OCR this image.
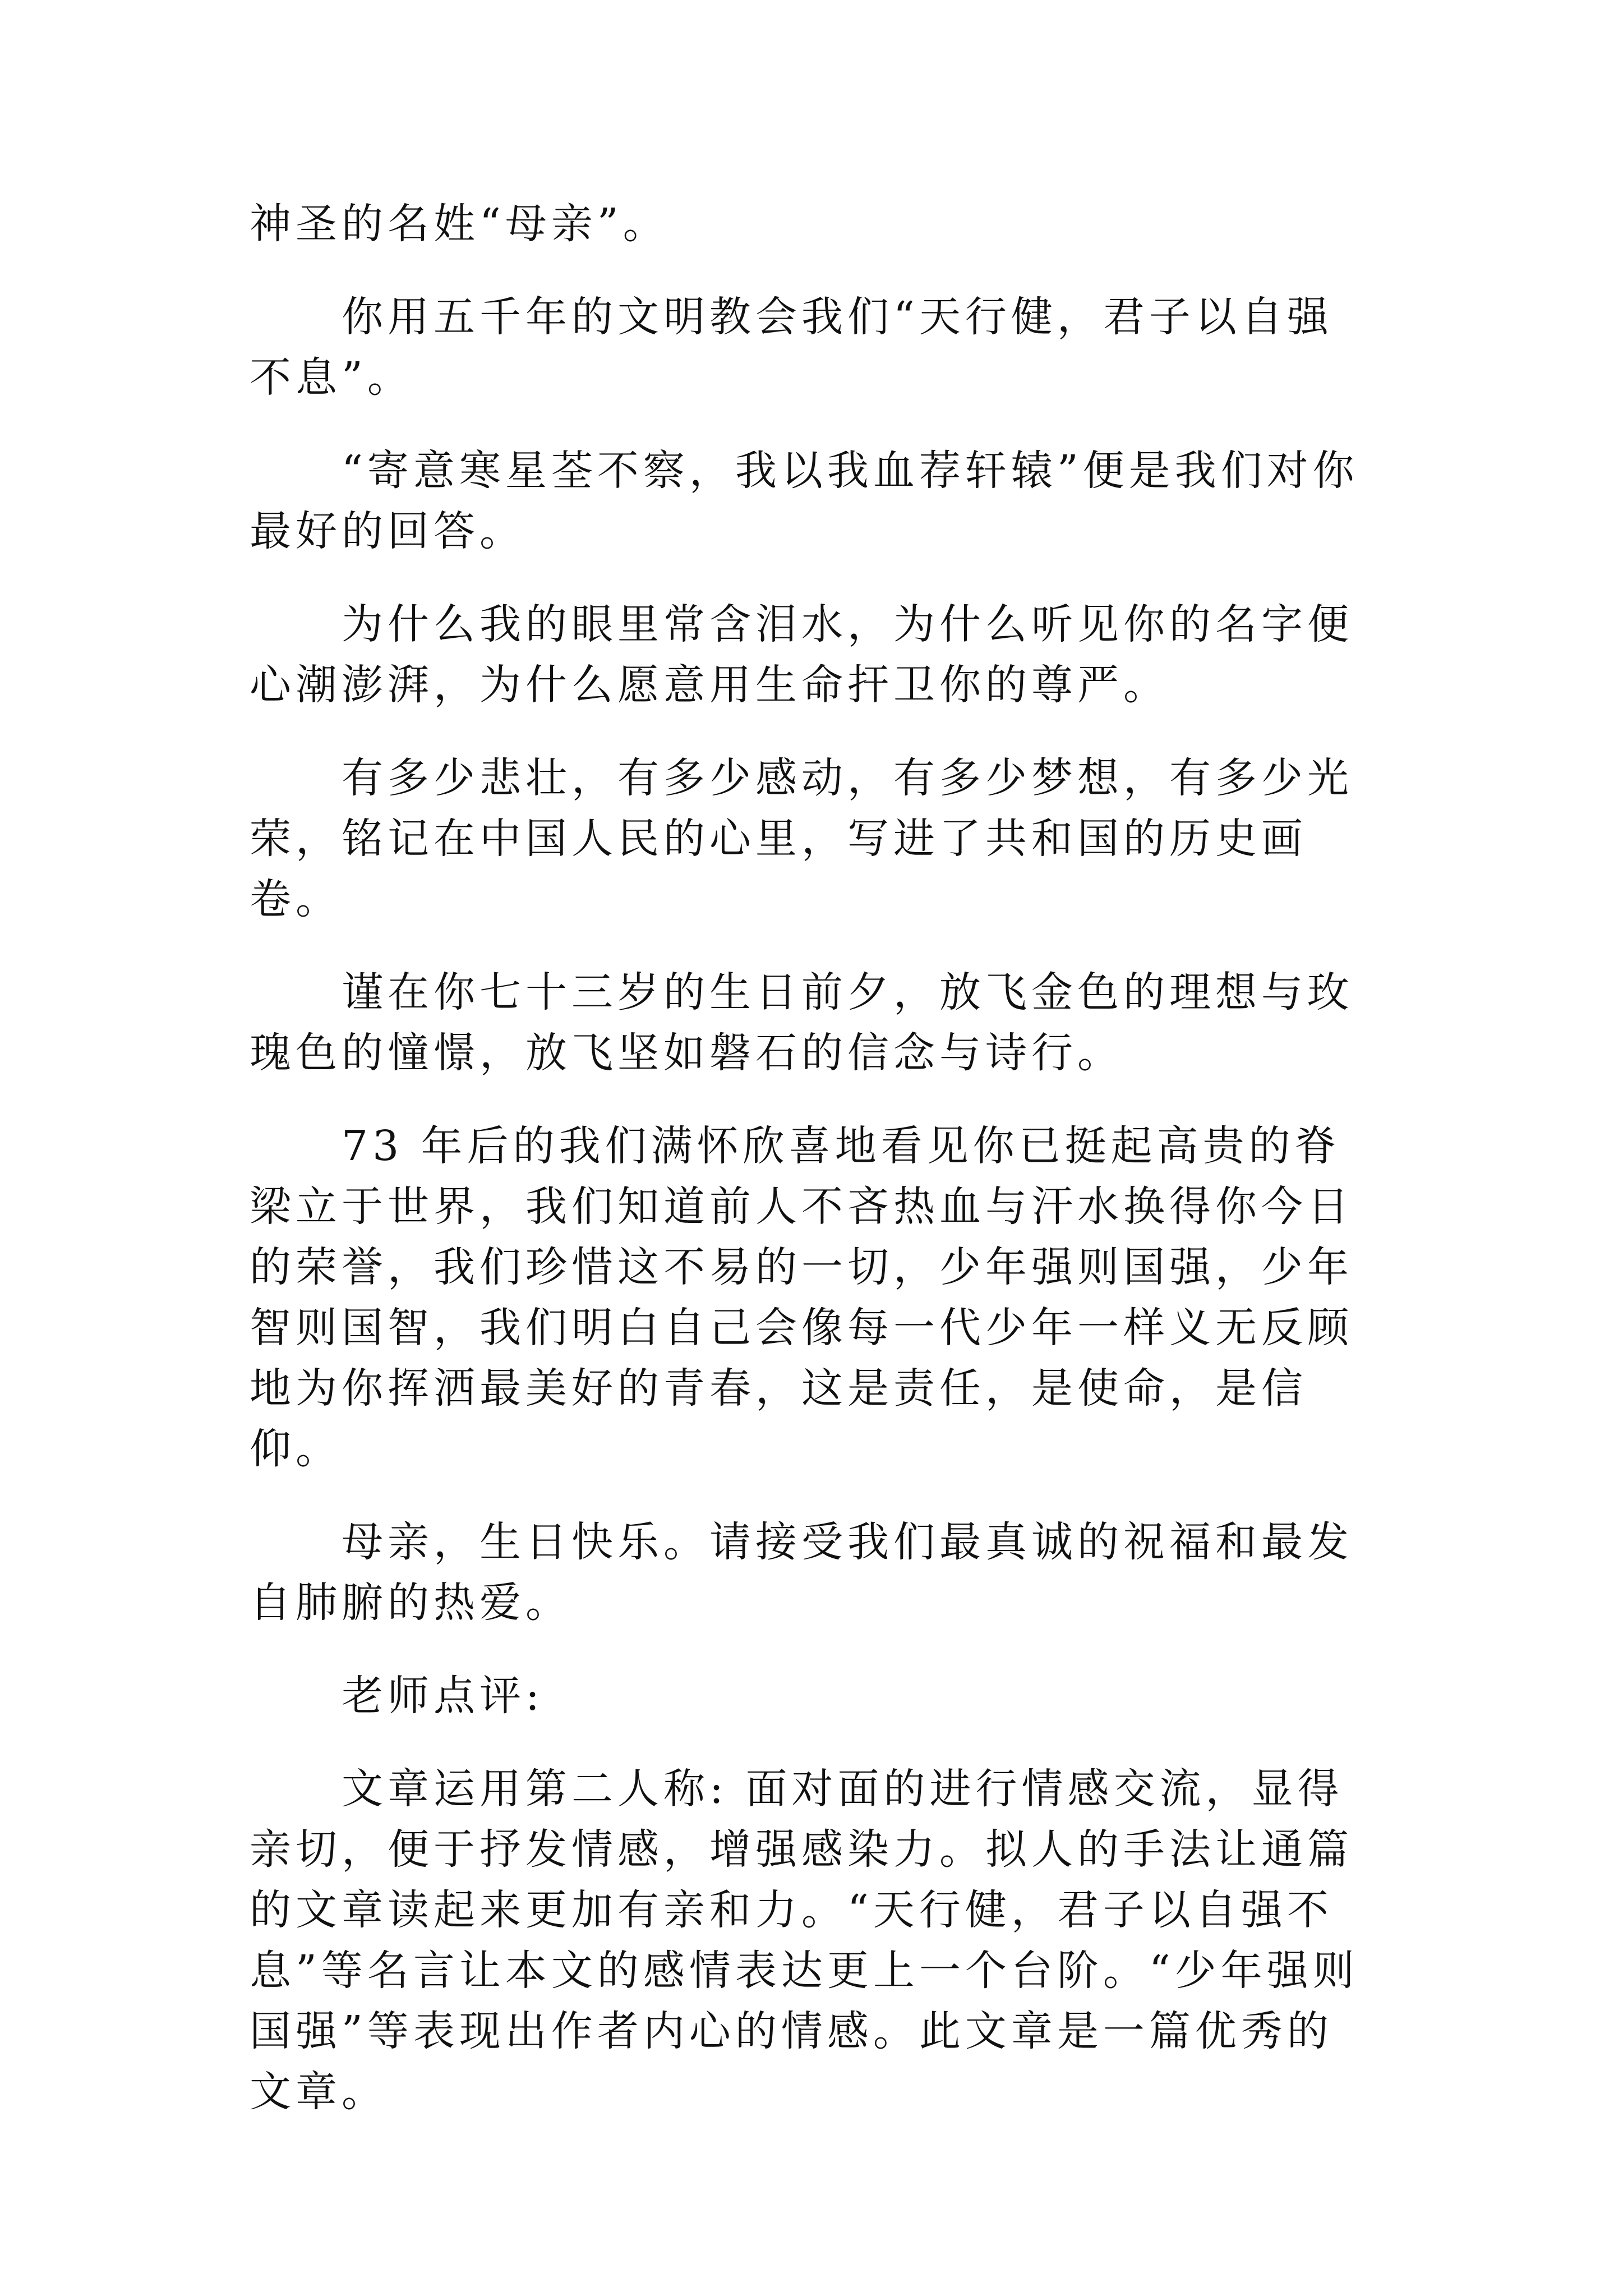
神圣的名姓“母亲”。

你用五千年的文明教会我们“天行健，君子以自强不息”。

“寄意寒星荃不察，我以我血荐轩辕”便是我们对你最好的回答。

为什么我的眼里常含泪水，为什么听见你的名字便心潮澎湃，为什么愿意用生命扞卫你的尊严。

有多少悲壮，有多少感动，有多少梦想，有多少光荣，铭记在中国人民的心里，写进了共和国的历史画卷。

谨在你七十三岁的生日前夕，放飞金色的理想与玫瑰色的憧憬，放飞坚如磐石的信念与诗行。

73 年后的我们满怀欣喜地看见你已挺起高贵的脊梁立于世界，我们知道前人不吝热血与汗水换得你今日的荣誉，我们珍惜这不易的一切，少年强则国强，少年智则国智，我们明白自己会像每一代少年一样义无反顾地为你挥洒最美好的青春，这是责任，是使命，是信仰。

母亲，生日快乐。请接受我们最真诚的祝福和最发自肺腑的热爱。

老师点评:

文章运用第二人称: 面对面的进行情感交流，显得亲切，便于抒发情感，增强感染力。拟人的手法让通篇的文章读起来更加有亲和力。“天行健，君子以自强不息”等名言让本文的感情表达更上一个台阶。“少年强则国强”等表现出作者内心的情感。此文章是一篇优秀的文章。
